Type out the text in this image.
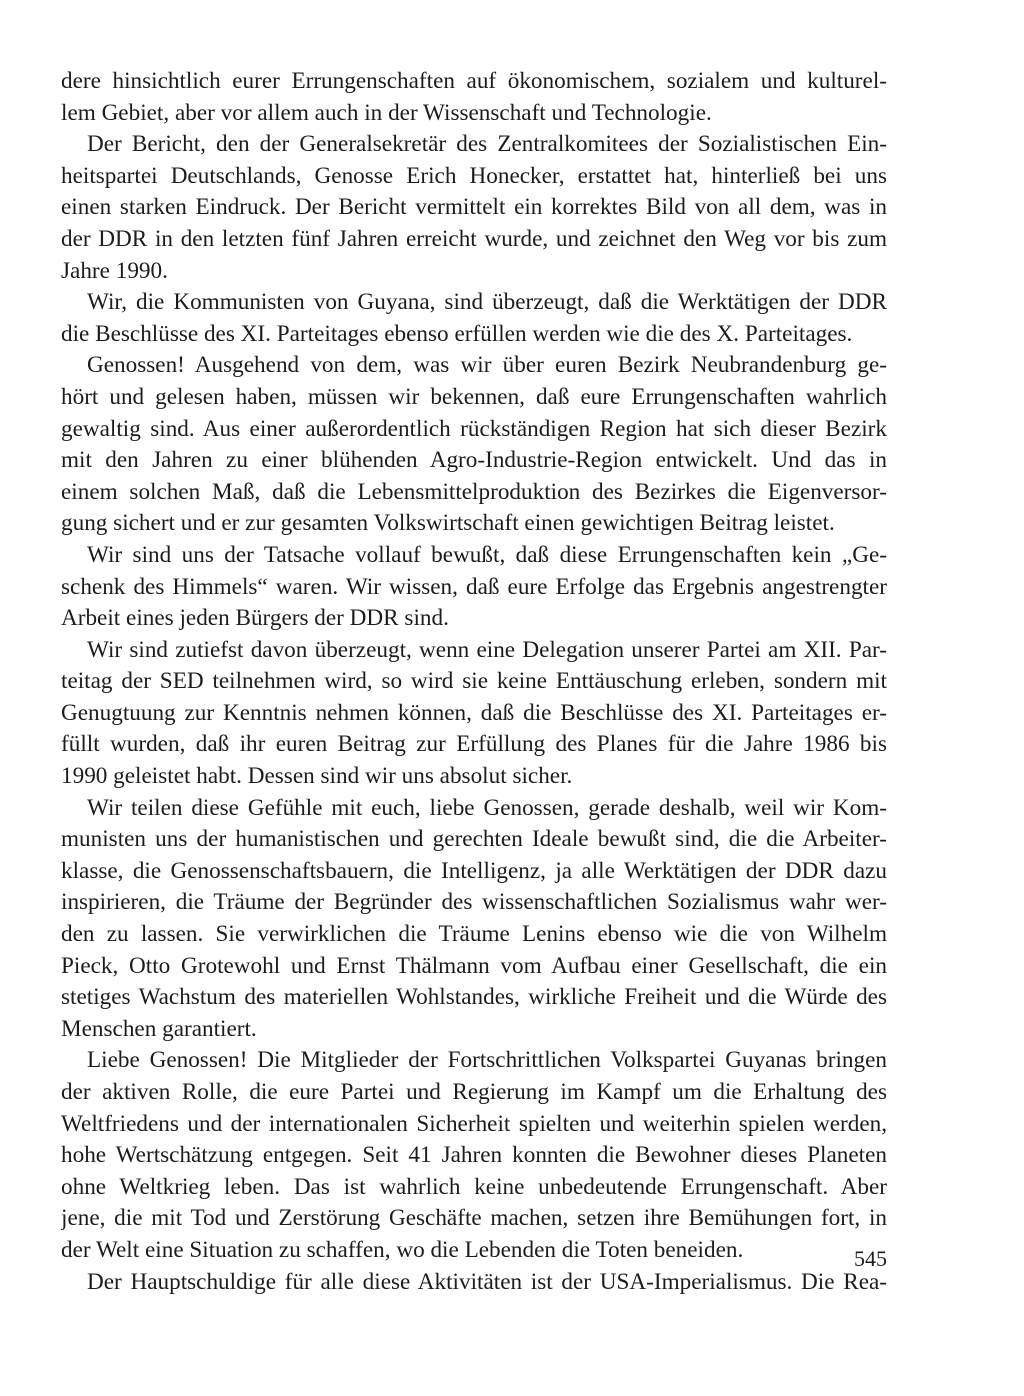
dere hinsichtlich eurer Errungenschaften auf ökonomischem, sozialem und kulturel-
lem Gebiet, aber vor allem auch in der Wissenschaft und Technologie.

Der Bericht, den der Generalsekretär des Zentralkomitees der Sozialistischen Ein-
heitspartei Deutschlands, Genosse Erich Honecker, erstattet hat, hinterließ bei uns
einen starken Eindruck. Der Bericht vermittelt ein korrektes Bild von all dem, was in
der DDR in den letzten fünf Jahren erreicht wurde, und zeichnet den Weg vor bis zum
Jahre 1990.

Wir, die Kommunisten von Guyana, sind überzeugt, daß die Werktätigen der DDR
die Beschlüsse des XI. Parteitages ebenso erfüllen werden wie die des X. Parteitages.

Genossen! Ausgehend von dem, was wir über euren Bezirk Neubrandenburg ge-
hört und gelesen haben, müssen wir bekennen, daß eure Errungenschaften wahrlich
gewaltig sind. Aus einer außerordentlich rückständigen Region hat sich dieser Bezirk
mit den Jahren zu einer blühenden Agro-Industrie-Region entwickelt. Und das in
einem solchen Maß, daß die Lebensmittelproduktion des Bezirkes die Eigenversor-
gung sichert und er zur gesamten Volkswirtschaft einen gewichtigen Beitrag leistet.

Wir sind uns der Tatsache vollauf bewußt, daß diese Errungenschaften kein „Ge-
schenk des Himmels“ waren. Wir wissen, daß eure Erfolge das Ergebnis angestrengter
Arbeit eines jeden Bürgers der DDR sind.

Wir sind zutiefst davon überzeugt, wenn eine Delegation unserer Partei am XII. Par-
teitag der SED teilnehmen wird, so wird sie keine Enttäuschung erleben, sondern mit
Genugtuung zur Kenntnis nehmen können, daß die Beschlüsse des XI. Parteitages er-
füllt wurden, daß ihr euren Beitrag zur Erfüllung des Planes für die Jahre 1986 bis
1990 geleistet habt. Dessen sind wir uns absolut sicher.

Wir teilen diese Gefühle mit euch, liebe Genossen, gerade deshalb, weil wir Kom-
munisten uns der humanistischen und gerechten Ideale bewußt sind, die die Arbeiter-
klasse, die Genossenschaftsbauern, die Intelligenz, ja alle Werktätigen der DDR dazu
inspirieren, die Träume der Begründer des wissenschaftlichen Sozialismus wahr wer-
den zu lassen. Sie verwirklichen die Träume Lenins ebenso wie die von Wilhelm
Pieck, Otto Grotewohl und Ernst Thälmann vom Aufbau einer Gesellschaft, die ein
stetiges Wachstum des materiellen Wohlstandes, wirkliche Freiheit und die Würde des
Menschen garantiert.

Liebe Genossen! Die Mitglieder der Fortschrittlichen Volkspartei Guyanas bringen
der aktiven Rolle, die eure Partei und Regierung im Kampf um die Erhaltung des
Weltfriedens und der internationalen Sicherheit spielten und weiterhin spielen werden,
hohe Wertschätzung entgegen. Seit 41 Jahren konnten die Bewohner dieses Planeten
ohne Weltkrieg leben. Das ist wahrlich keine unbedeutende Errungenschaft. Aber
jene, die mit Tod und Zerstörung Geschäfte machen, setzen ihre Bemühungen fort, in
der Welt eine Situation zu schaffen, wo die Lebenden die Toten beneiden.

Der Hauptschuldige für alle diese Aktivitäten ist der USA-Imperialismus. Die Rea-

545
